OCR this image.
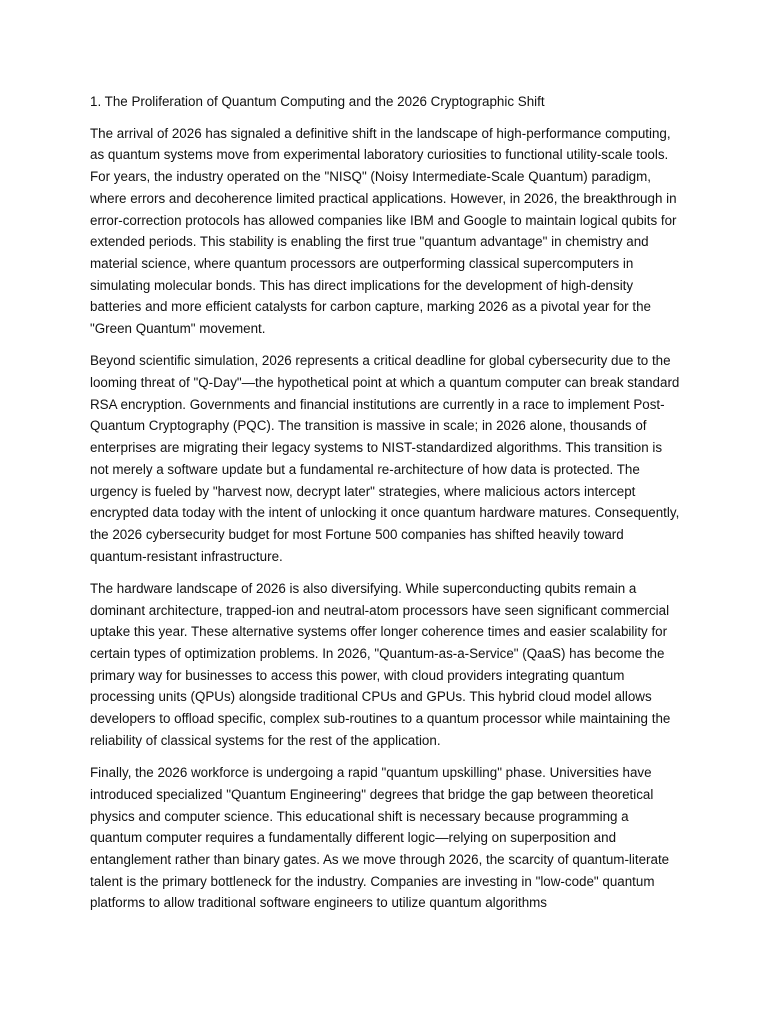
1. The Proliferation of Quantum Computing and the 2026 Cryptographic Shift

The arrival of 2026 has signaled a definitive shift in the landscape of high-performance computing, as quantum systems move from experimental laboratory curiosities to functional utility-scale tools. For years, the industry operated on the "NISQ" (Noisy Intermediate-Scale Quantum) paradigm, where errors and decoherence limited practical applications. However, in 2026, the breakthrough in error-correction protocols has allowed companies like IBM and Google to maintain logical qubits for extended periods. This stability is enabling the first true "quantum advantage" in chemistry and material science, where quantum processors are outperforming classical supercomputers in simulating molecular bonds. This has direct implications for the development of high-density batteries and more efficient catalysts for carbon capture, marking 2026 as a pivotal year for the "Green Quantum" movement.

Beyond scientific simulation, 2026 represents a critical deadline for global cybersecurity due to the looming threat of "Q-Day"—the hypothetical point at which a quantum computer can break standard RSA encryption. Governments and financial institutions are currently in a race to implement Post-Quantum Cryptography (PQC). The transition is massive in scale; in 2026 alone, thousands of enterprises are migrating their legacy systems to NIST-standardized algorithms. This transition is not merely a software update but a fundamental re-architecture of how data is protected. The urgency is fueled by "harvest now, decrypt later" strategies, where malicious actors intercept encrypted data today with the intent of unlocking it once quantum hardware matures. Consequently, the 2026 cybersecurity budget for most Fortune 500 companies has shifted heavily toward quantum-resistant infrastructure.

The hardware landscape of 2026 is also diversifying. While superconducting qubits remain a dominant architecture, trapped-ion and neutral-atom processors have seen significant commercial uptake this year. These alternative systems offer longer coherence times and easier scalability for certain types of optimization problems. In 2026, "Quantum-as-a-Service" (QaaS) has become the primary way for businesses to access this power, with cloud providers integrating quantum processing units (QPUs) alongside traditional CPUs and GPUs. This hybrid cloud model allows developers to offload specific, complex sub-routines to a quantum processor while maintaining the reliability of classical systems for the rest of the application.

Finally, the 2026 workforce is undergoing a rapid "quantum upskilling" phase. Universities have introduced specialized "Quantum Engineering" degrees that bridge the gap between theoretical physics and computer science. This educational shift is necessary because programming a quantum computer requires a fundamentally different logic—relying on superposition and entanglement rather than binary gates. As we move through 2026, the scarcity of quantum-literate talent is the primary bottleneck for the industry. Companies are investing in "low-code" quantum platforms to allow traditional software engineers to utilize quantum algorithms
